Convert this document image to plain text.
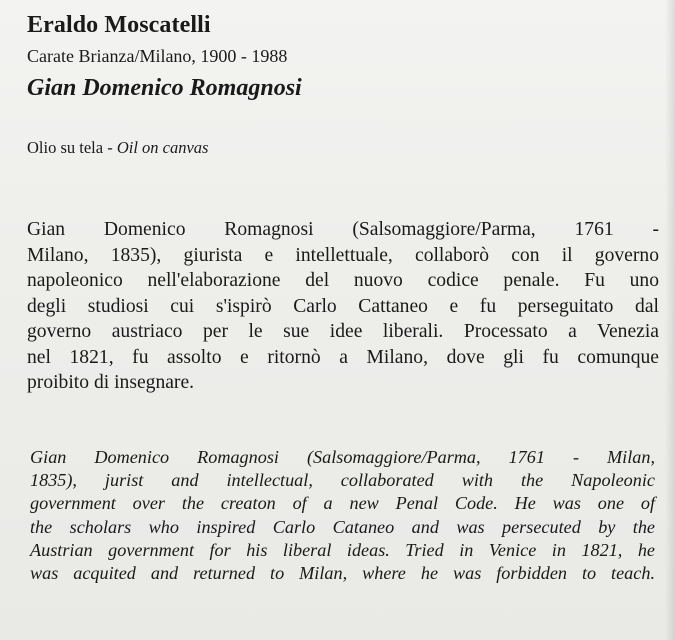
Eraldo Moscatelli
Carate Brianza/Milano, 1900 - 1988
Gian Domenico Romagnosi
Olio su tela - Oil on canvas
Gian Domenico Romagnosi (Salsomaggiore/Parma, 1761 -
Milano, 1835), giurista e intellettuale, collaborò con il governo
napoleonico nell'elaborazione del nuovo codice penale. Fu uno
degli studiosi cui s'ispirò Carlo Cattaneo e fu perseguitato dal
governo austriaco per le sue idee liberali. Processato a Venezia
nel 1821, fu assolto e ritornò a Milano, dove gli fu comunque
proibito di insegnare.
Gian Domenico Romagnosi (Salsomaggiore/Parma, 1761 - Milan,
1835), jurist and intellectual, collaborated with the Napoleonic
government over the creaton of a new Penal Code. He was one of
the scholars who inspired Carlo Cataneo and was persecuted by the
Austrian government for his liberal ideas. Tried in Venice in 1821, he
was acquited and returned to Milan, where he was forbidden to teach.
